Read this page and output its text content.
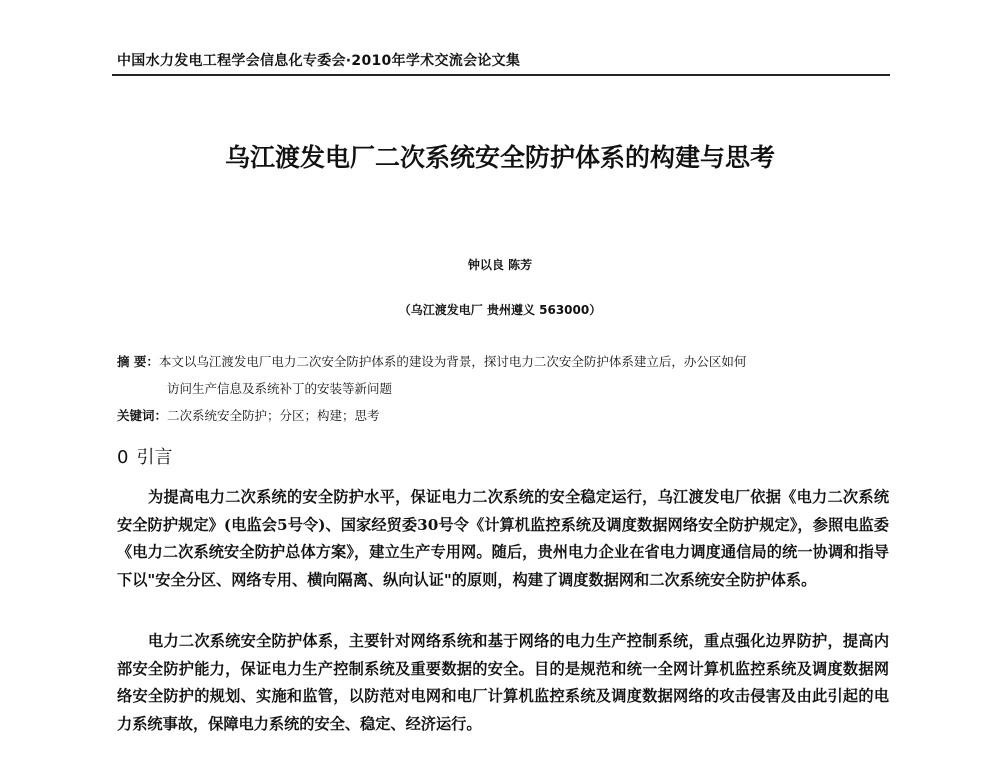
中国水力发电工程学会信息化专委会·2010年学术交流会论文集
乌江渡发电厂二次系统安全防护体系的构建与思考
钟以良 陈芳
（乌江渡发电厂 贵州遵义 563000）
摘 要：本文以乌江渡发电厂电力二次安全防护体系的建设为背景，探讨电力二次安全防护体系建立后，办公区如何
访问生产信息及系统补丁的安装等新问题
关键词：二次系统安全防护；分区；构建；思考
0 引言
为提高电力二次系统的安全防护水平，保证电力二次系统的安全稳定运行，乌江渡发电厂依据《电力二次系统安全防护规定》(电监会5号令)、国家经贸委30号令《计算机监控系统及调度数据网络安全防护规定》，参照电监委《电力二次系统安全防护总体方案》，建立生产专用网。随后，贵州电力企业在省电力调度通信局的统一协调和指导下以"安全分区、网络专用、横向隔离、纵向认证"的原则，构建了调度数据网和二次系统安全防护体系。
电力二次系统安全防护体系，主要针对网络系统和基于网络的电力生产控制系统，重点强化边界防护，提高内部安全防护能力，保证电力生产控制系统及重要数据的安全。目的是规范和统一全网计算机监控系统及调度数据网络安全防护的规划、实施和监管，以防范对电网和电厂计算机监控系统及调度数据网络的攻击侵害及由此引起的电力系统事故，保障电力系统的安全、稳定、经济运行。
